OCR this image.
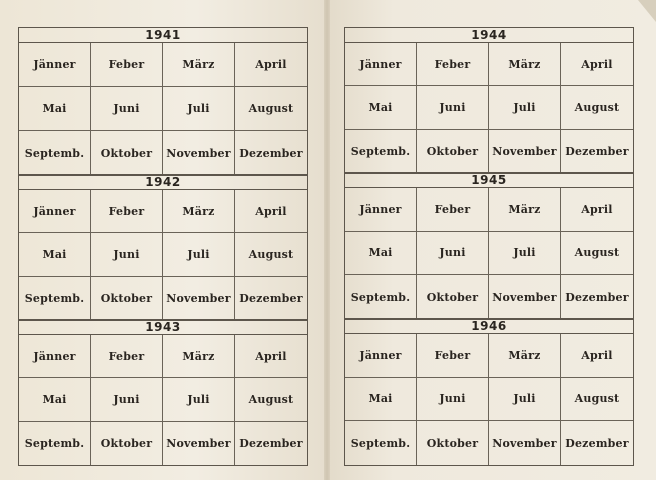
1941
Jänner	Feber	März	April
Mai	Juni	Juli	August
Septemb.	Oktober	November Dezember
1942
Jänner	Feber	März	April
Mai	Juni	Juli	August
Septemb.	Oktober	November Dezember
1943
Jänner	Feber	März	April
Mai	Juni	Juli	August
Septemb.	Oktober	November Dezember
1944
Jänner	Feber	März	April
Mai	Juni	Juli	August
Septemb.	Oktober	November Dezember
1945
Jänner	Feber	März	April
Mai	Juni	Juli	August
Septemb.	Oktober	November Dezember
1946
Jänner	Feber	März	April
Mai	Juni	Juli	August
Septemb.	Oktober	November Dezember
